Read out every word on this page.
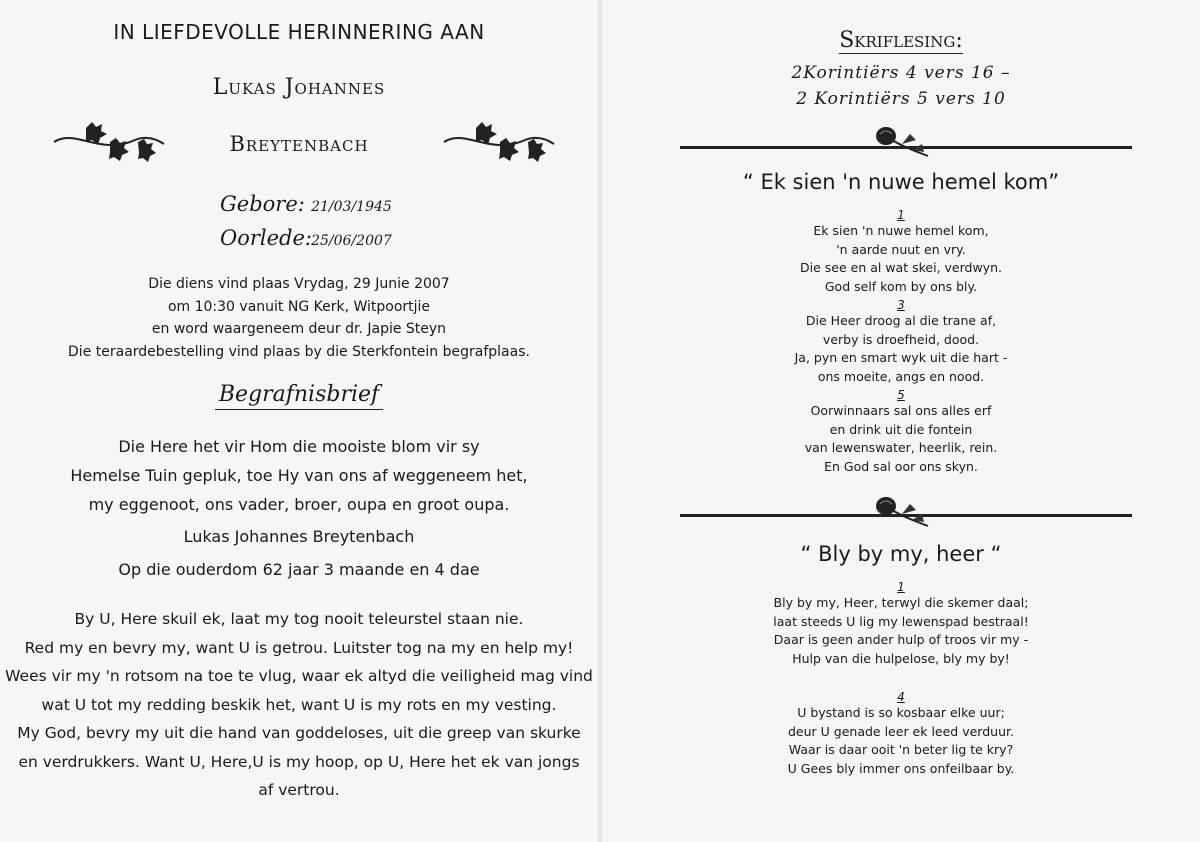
IN LIEFDEVOLLE HERINNERING AAN
Lukas Johannes
Breytenbach
Gebore: 21/03/1945
Oorlede: 25/06/2007
Die diens vind plaas Vrydag, 29 Junie 2007
om 10:30 vanuit NG Kerk, Witpoortjie
en word waargeneem deur dr. Japie Steyn
Die teraardebestelling vind plaas by die Sterkfontein begrafplaas.
Begrafnisbrief
Die Here het vir Hom die mooiste blom vir sy
Hemelse Tuin gepluk, toe Hy van ons af weggeneem het,
my eggenoot, ons vader, broer, oupa en groot oupa.
Lukas Johannes Breytenbach
Op die ouderdom 62 jaar 3 maande en 4 dae
By U, Here skuil ek, laat my tog nooit teleurstel staan nie.
Red my en bevry my, want U is getrou. Luitster tog na my en help my!
Wees vir my 'n rotsom na toe te vlug, waar ek altyd die veiligheid mag vind
wat U tot my redding beskik het, want U is my rots en my vesting.
My God, bevry my uit die hand van goddeloses, uit die greep van skurke
en verdrukkers. Want U, Here,U is my hoop, op U, Here het ek van jongs
af vertrou.
Skriflesing:
2Korintiërs 4 vers 16 –
2 Korintiërs 5 vers 10
“ Ek sien 'n nuwe hemel kom”
1
Ek sien 'n nuwe hemel kom,
'n aarde nuut en vry.
Die see en al wat skei, verdwyn.
God self kom by ons bly.
3
Die Heer droog al die trane af,
verby is droefheid, dood.
Ja, pyn en smart wyk uit die hart -
ons moeite, angs en nood.
5
Oorwinnaars sal ons alles erf
en drink uit die fontein
van lewenswater, heerlik, rein.
En God sal oor ons skyn.
“ Bly by my, heer “
1
Bly by my, Heer, terwyl die skemer daal;
laat steeds U lig my lewenspad bestraal!
Daar is geen ander hulp of troos vir my -
Hulp van die hulpelose, bly my by!
4
U bystand is so kosbaar elke uur;
deur U genade leer ek leed verduur.
Waar is daar ooit 'n beter lig te kry?
U Gees bly immer ons onfeilbaar by.
